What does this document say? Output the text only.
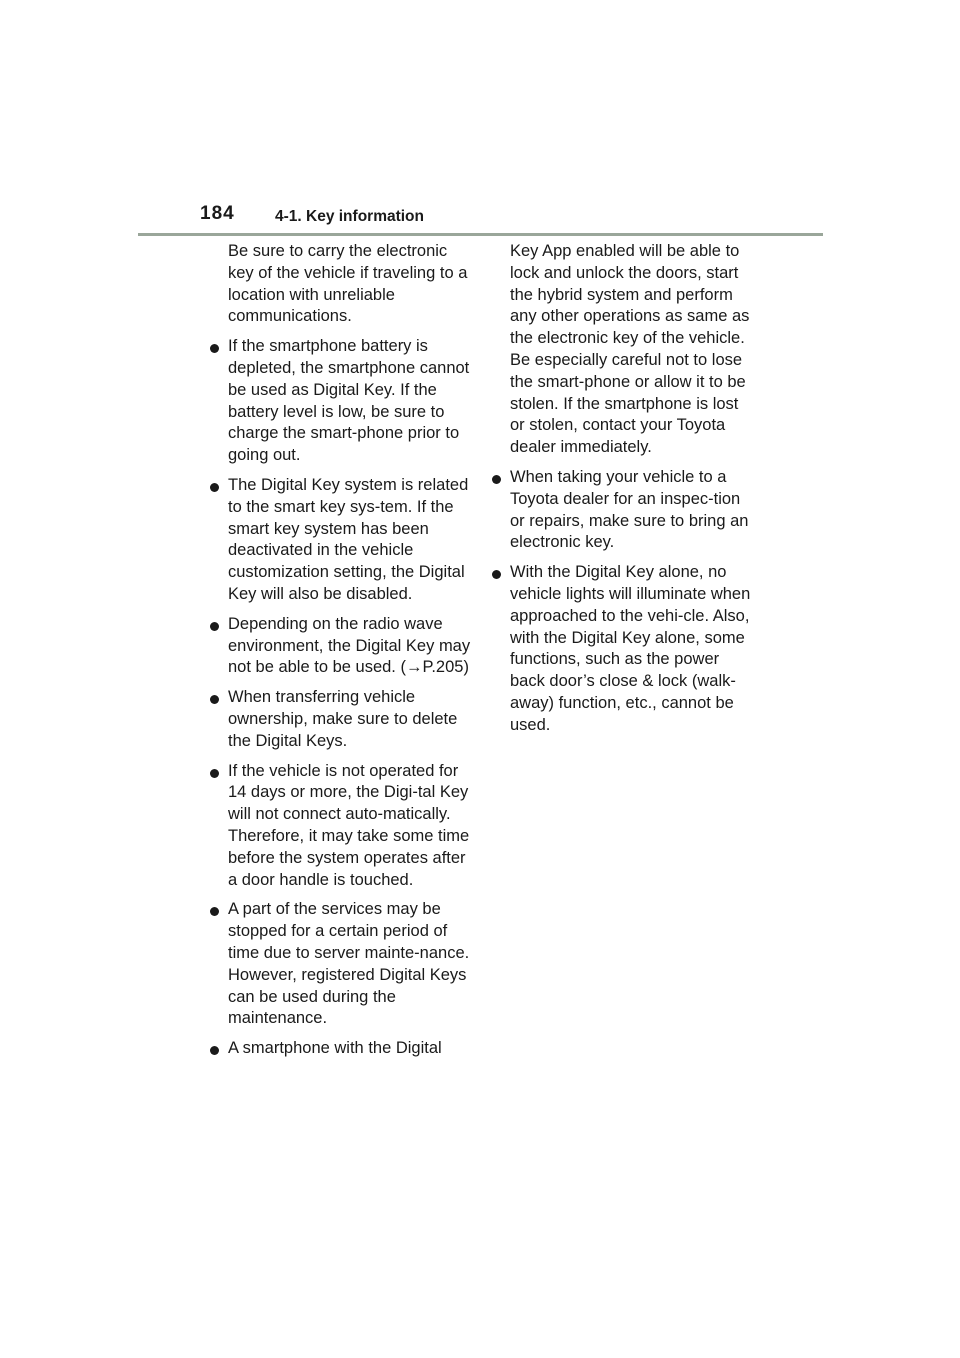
184	4-1. Key information

Be sure to carry the electronic key of the vehicle if traveling to a location with unreliable communications.

If the smartphone battery is depleted, the smartphone cannot be used as Digital Key. If the battery level is low, be sure to charge the smart-phone prior to going out.
The Digital Key system is related to the smart key sys-tem. If the smart key system has been deactivated in the vehicle customization setting, the Digital Key will also be disabled.
Depending on the radio wave environment, the Digital Key may not be able to be used. (→P.205)
When transferring vehicle ownership, make sure to delete the Digital Keys.
If the vehicle is not operated for 14 days or more, the Digi-tal Key will not connect auto-matically. Therefore, it may take some time before the system operates after a door handle is touched.
A part of the services may be stopped for a certain period of time due to server mainte-nance. However, registered Digital Keys can be used during the maintenance.
A smartphone with the Digital

Key App enabled will be able to lock and unlock the doors, start the hybrid system and perform any other operations as same as the electronic key of the vehicle. Be especially careful not to lose the smart-phone or allow it to be stolen. If the smartphone is lost or stolen, contact your Toyota dealer immediately.

When taking your vehicle to a Toyota dealer for an inspec-tion or repairs, make sure to bring an electronic key.
With the Digital Key alone, no vehicle lights will illuminate when approached to the vehi-cle. Also, with the Digital Key alone, some functions, such as the power back door’s close & lock (walk-away) function, etc., cannot be used.
